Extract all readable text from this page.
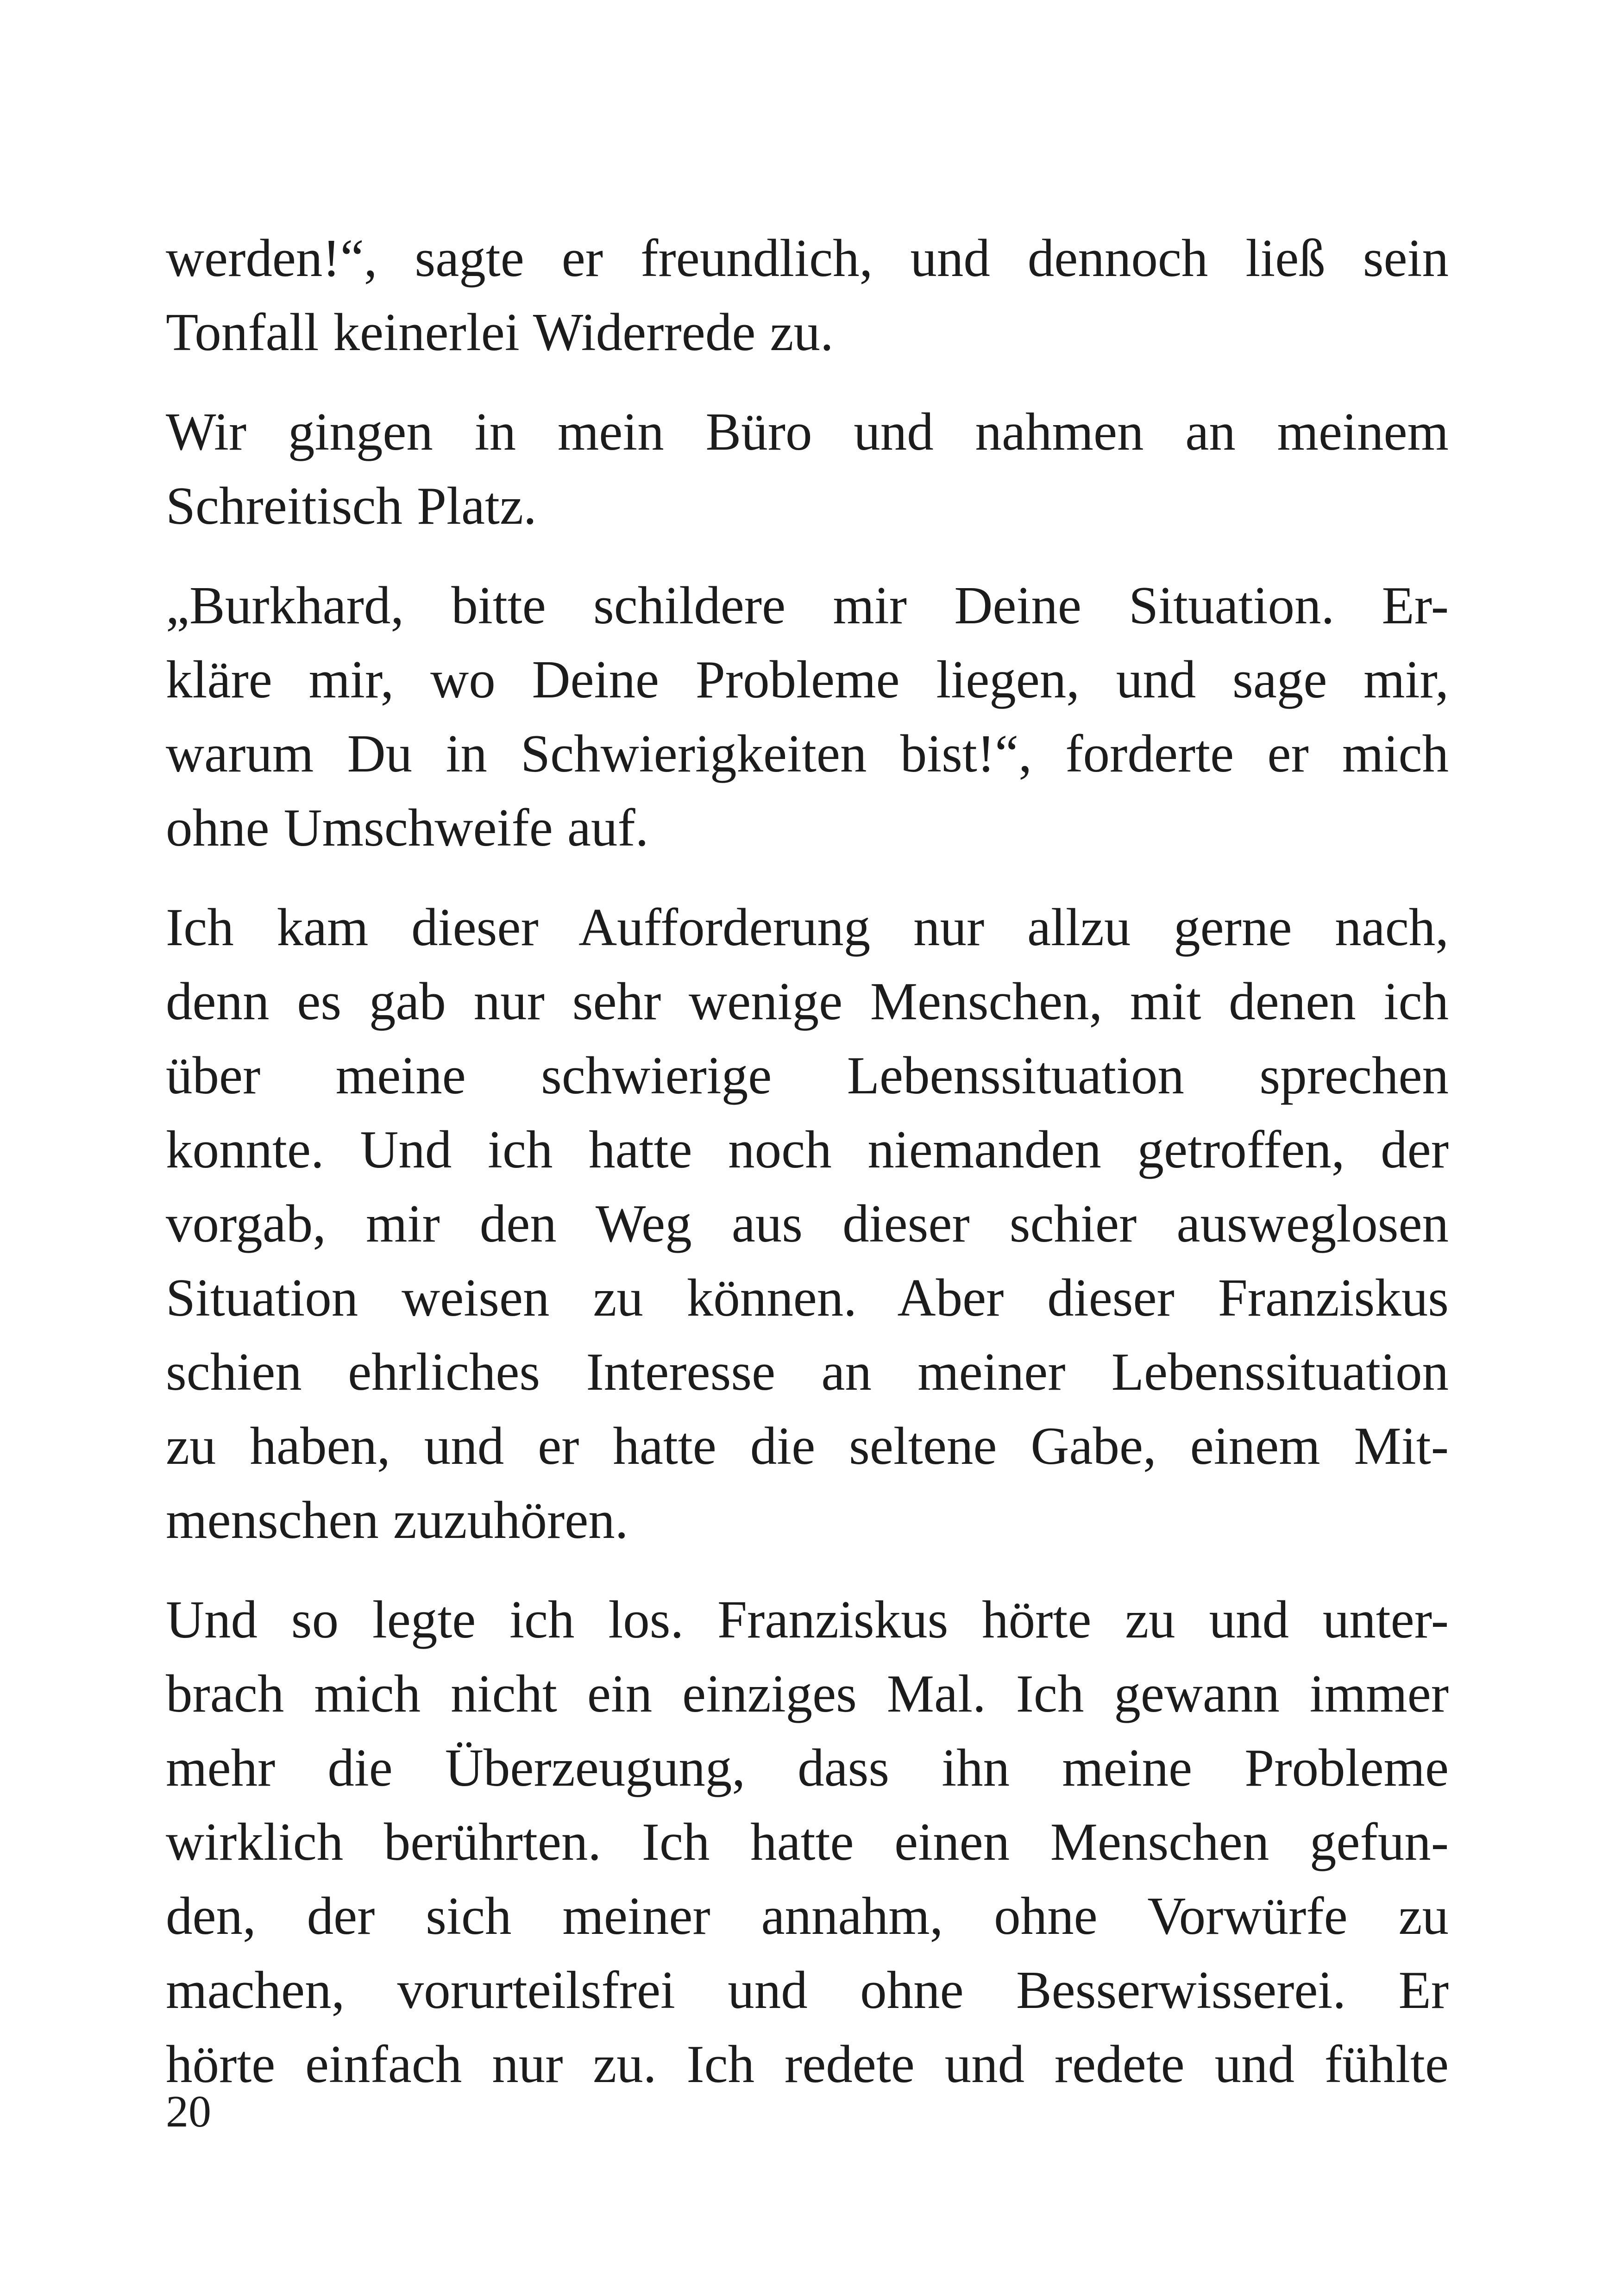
werden!“, sagte er freundlich, und dennoch ließ sein
Tonfall keinerlei Widerrede zu.
Wir gingen in mein Büro und nahmen an meinem
Schreitisch Platz.
„Burkhard, bitte schildere mir Deine Situation. Er-
kläre mir, wo Deine Probleme liegen, und sage mir,
warum Du in Schwierigkeiten bist!“, forderte er mich
ohne Umschweife auf.
Ich kam dieser Aufforderung nur allzu gerne nach,
denn es gab nur sehr wenige Menschen, mit denen ich
über meine schwierige Lebenssituation sprechen
konnte. Und ich hatte noch niemanden getroffen, der
vorgab, mir den Weg aus dieser schier ausweglosen
Situation weisen zu können. Aber dieser Franziskus
schien ehrliches Interesse an meiner Lebenssituation
zu haben, und er hatte die seltene Gabe, einem Mit-
menschen zuzuhören.
Und so legte ich los. Franziskus hörte zu und unter-
brach mich nicht ein einziges Mal. Ich gewann immer
mehr die Überzeugung, dass ihn meine Probleme
wirklich berührten. Ich hatte einen Menschen gefun-
den, der sich meiner annahm, ohne Vorwürfe zu
machen, vorurteilsfrei und ohne Besserwisserei. Er
hörte einfach nur zu. Ich redete und redete und fühlte
20
